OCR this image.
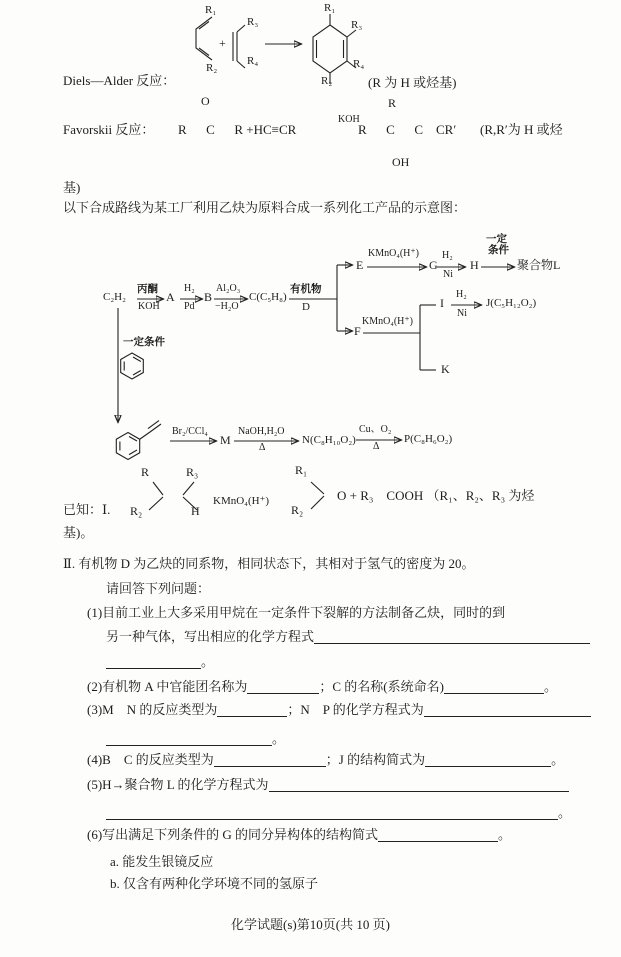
R₁
R₂
+
R₃
R₄
R₁
R₃
R₄
R₂
Diels—Alder 反应：	(R 为 H 或烃基)
O
Favorskii 反应： R   C   R +HC≡CR
KOH
R
R   C   C  CR′
OH
(R,R′为 H 或烃
基)
以下合成路线为某工厂利用乙炔为原料合成一系列化工产品的示意图：
C₂H₂
丙酮
KOH
A
H₂
Pd
B
Al₂O₃
−H₂O
C(C₅H₈)
有机物
D
E
KMnO₄(H⁺)
G
H₂
Ni
H
一定
条件
聚合物L
F
KMnO₄(H⁺)
I
H₂
Ni
J(C₅H₁₂O₂)
K
一定条件
Br₂/CCl₄
M
NaOH,H₂O
Δ
N(C₈H₁₀O₂)
Cu、O₂
Δ
P(C₈H₆O₂)
已知：Ⅰ.
R
R₂
R₃
H
KMnO₄(H⁺)
R₁
R₂
O + R₃  COOH （R₁、R₂、R₃ 为烃
基)。
Ⅱ. 有机物 D 为乙炔的同系物，相同状态下，其相对于氢气的密度为 20。
请回答下列问题：
(1)目前工业上大多采用甲烷在一定条件下裂解的方法制备乙炔，同时的到
另一种气体，写出相应的化学方程式
。
(2)有机物 A 中官能团名称为	；C 的名称(系统命名)	。
(3)M  N 的反应类型为	；N  P 的化学方程式为
。
(4)B  C 的反应类型为	；J 的结构简式为	。
(5)H→聚合物 L 的化学方程式为
。
(6)写出满足下列条件的 G 的同分异构体的结构简式	。
a. 能发生银镜反应
b. 仅含有两种化学环境不同的氢原子
化学试题(s)第10页(共 10 页)
